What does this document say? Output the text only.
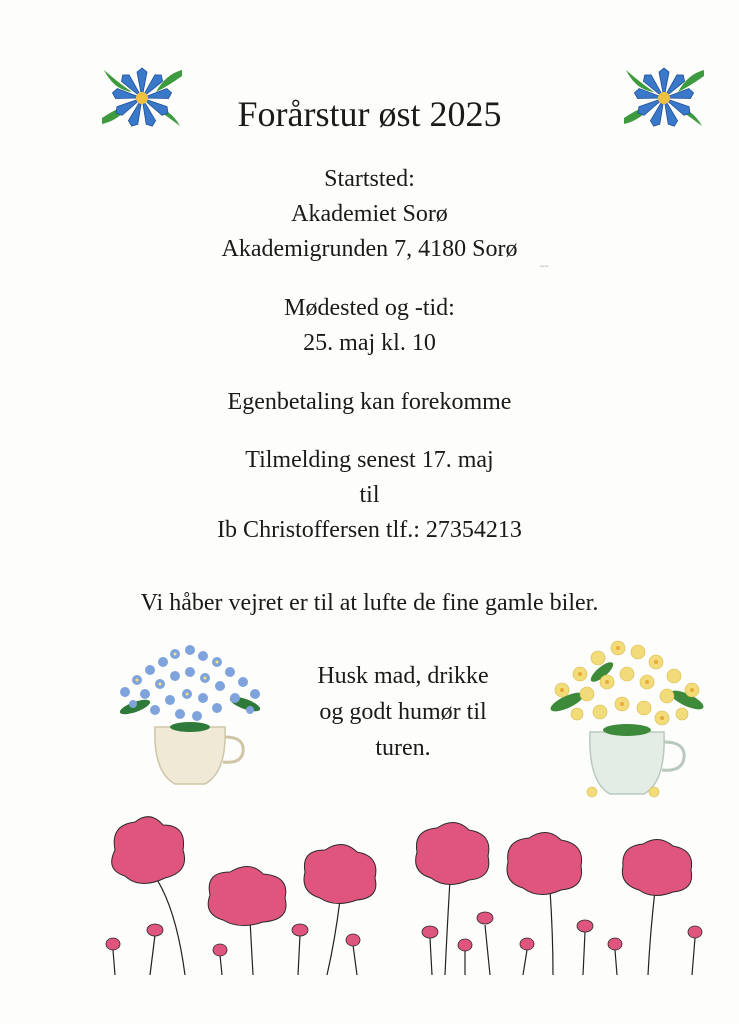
Forårstur øst 2025

Startsted:

Akademiet Sorø

Akademigrunden 7, 4180 Sorø

~~

Mødested og -tid:

25. maj kl. 10

Egenbetaling kan forekomme

Tilmelding senest 17. maj

til

Ib Christoffersen tlf.: 27354213

Vi håber vejret er til at lufte de fine gamle biler.

Husk mad, drikke
og godt humør til
turen.
